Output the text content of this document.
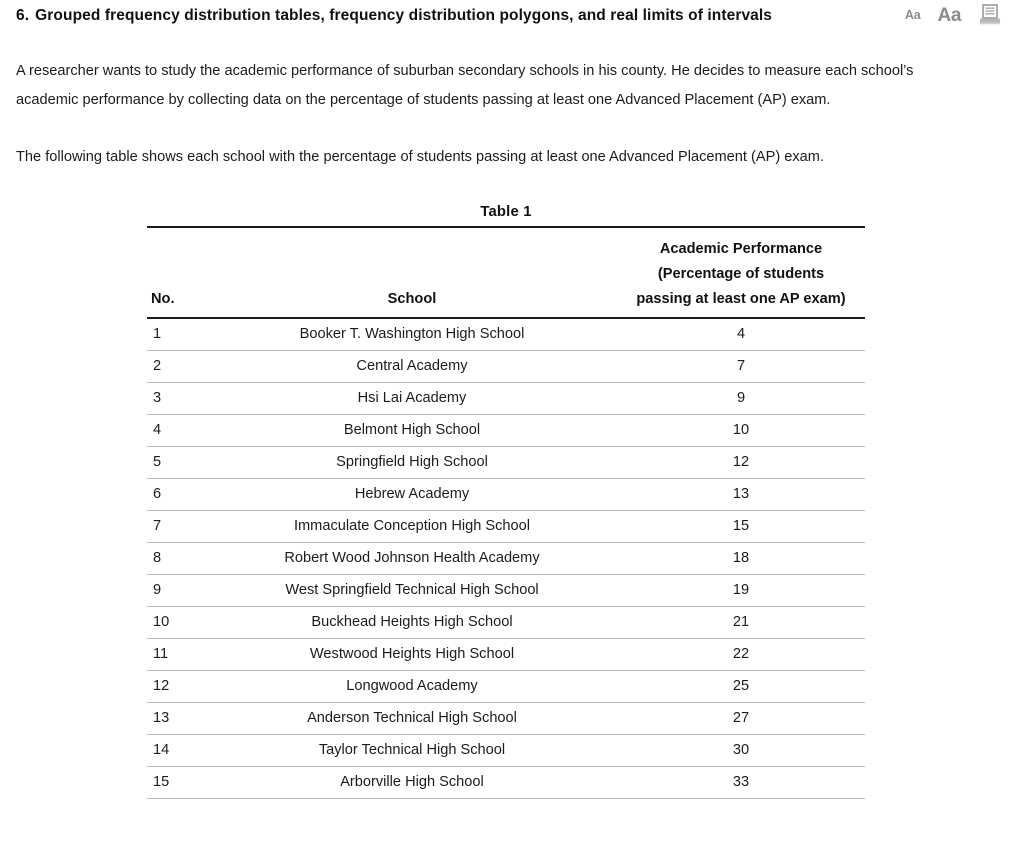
6. Grouped frequency distribution tables, frequency distribution polygons, and real limits of intervals	Aa Aa

A researcher wants to study the academic performance of suburban secondary schools in his county. He decides to measure each school’s academic performance by collecting data on the percentage of students passing at least one Advanced Placement (AP) exam.

The following table shows each school with the percentage of students passing at least one Advanced Placement (AP) exam.

Table 1
No.	School	Academic Performance
(Percentage of students
passing at least one AP exam)

1	Booker T. Washington High School	4
2	Central Academy	7
3	Hsi Lai Academy	9
4	Belmont High School	10
5	Springfield High School	12
6	Hebrew Academy	13
7	Immaculate Conception High School	15
8	Robert Wood Johnson Health Academy	18
9	West Springfield Technical High School	19
10	Buckhead Heights High School	21
11	Westwood Heights High School	22
12	Longwood Academy	25
13	Anderson Technical High School	27
14	Taylor Technical High School	30
15	Arborville High School	33
